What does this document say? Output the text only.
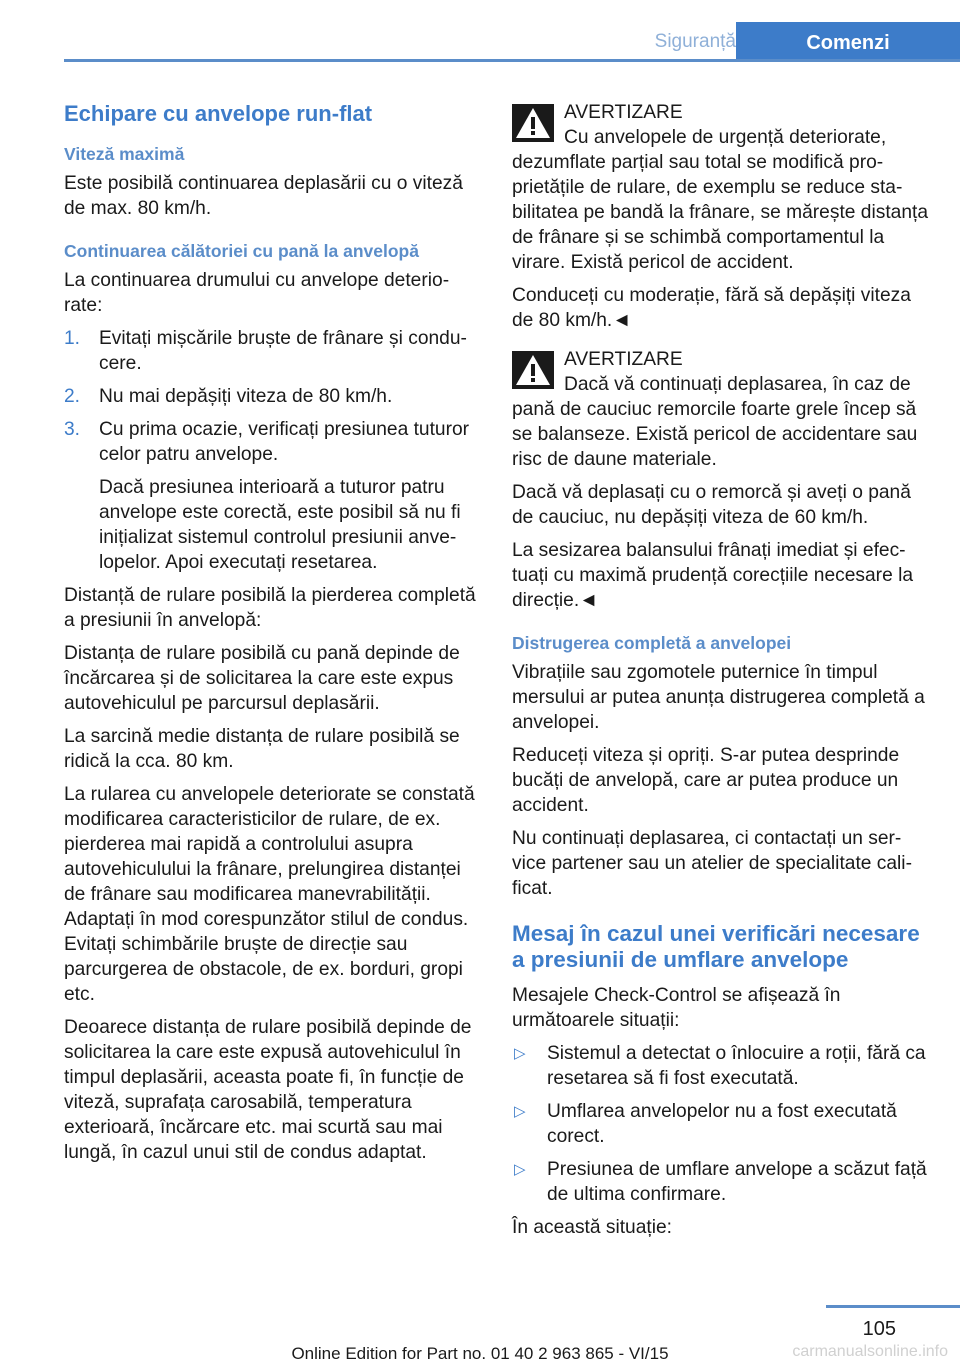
Siguranță	Comenzi
Echipare cu anvelope run-flat
Viteză maximă

Este posibilă continuarea deplasării cu o viteză de max. 80 km/h.

Continuarea călătoriei cu pană la anvelopă

La continuarea drumului cu anvelope deteriorate:

1. Evitați mișcările bruște de frânare și conducere.
2. Nu mai depășiți viteza de 80 km/h.
3. Cu prima ocazie, verificați presiunea tuturor celor patru anvelope.

Dacă presiunea interioară a tuturor patru anvelope este corectă, este posibil să nu fi inițializat sistemul controlul presiunii anvelopelor. Apoi executați resetarea.

Distanță de rulare posibilă la pierderea completă a presiunii în anvelopă:

Distanța de rulare posibilă cu pană depinde de încărcarea și de solicitarea la care este expus autovehiculul pe parcursul deplasării.

La sarcină medie distanța de rulare posibilă se ridică la cca. 80 km.

La rularea cu anvelopele deteriorate se constată modificarea caracteristicilor de rulare, de ex. pierderea mai rapidă a controlului asupra autovehiculului la frânare, prelungirea distanței de frânare sau modificarea manevrabilității. Adaptați în mod corespunzător stilul de condus. Evitați schimbările bruște de direcție sau parcurgerea de obstacole, de ex. borduri, gropi etc.

Deoarece distanța de rulare posibilă depinde de solicitarea la care este expusă autovehiculul în timpul deplasării, aceasta poate fi, în funcție de viteză, suprafața carosabilă, temperatura exterioară, încărcare etc. mai scurtă sau mai lungă, în cazul unui stil de condus adaptat.

AVERTIZARE
Cu anvelopele de urgență deteriorate,

dezumflate parțial sau total se modifică proprietățile de rulare, de exemplu se reduce stabilitatea pe bandă la frânare, se mărește distanța de frânare și se schimbă comportamentul la virare. Există pericol de accident.

Conduceți cu moderație, fără să depășiți viteza de 80 km/h.◄

AVERTIZARE
Dacă vă continuați deplasarea, în caz de

pană de cauciuc remorcile foarte grele încep să se balanseze. Există pericol de accidentare sau risc de daune materiale.

Dacă vă deplasați cu o remorcă și aveți o pană de cauciuc, nu depășiți viteza de 60 km/h.

La sesizarea balansului frânați imediat și efectuați cu maximă prudență corecțiile necesare la direcție.◄

Distrugerea completă a anvelopei

Vibrațiile sau zgomotele puternice în timpul mersului ar putea anunța distrugerea completă a anvelopei.

Reduceți viteza și opriți. S-ar putea desprinde bucăți de anvelopă, care ar putea produce un accident.

Nu continuați deplasarea, ci contactați un service partener sau un atelier de specialitate calificat.

Mesaj în cazul unei verificări necesare a presiunii de umflare anvelope

Mesajele Check-Control se afișează în următoarele situații:

▷ Sistemul a detectat o înlocuire a roții, fără ca resetarea să fi fost executată.
▷ Umflarea anvelopelor nu a fost executată corect.
▷ Presiunea de umflare anvelope a scăzut față de ultima confirmare.

În această situație:

105
Online Edition for Part no. 01 40 2 963 865 - VI/15	carmanualsonline.info
